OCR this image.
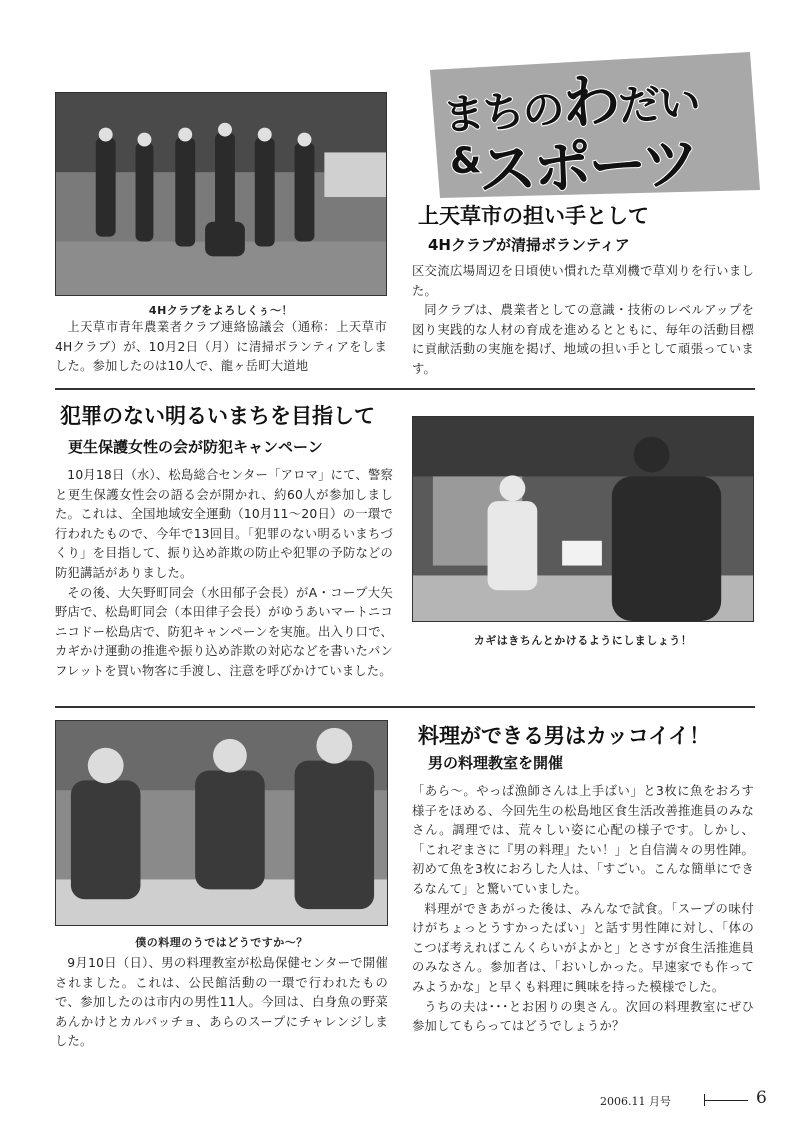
まちのわだい
&スポーツ
4Hクラブをよろしくぅ～！
上天草市の担い手として
4Hクラブが清掃ボランティア

上天草市青年農業者クラブ連絡協議会（通称：上天草市4Hクラブ）が、10月2日（月）に清掃ボランティアをしました。参加したのは10人で、龍ヶ岳町大道地

区交流広場周辺を日頃使い慣れた草刈機で草刈りを行いました。

同クラブは、農業者としての意識・技術のレベルアップを図り実践的な人材の育成を進めるとともに、毎年の活動目標に貢献活動の実施を掲げ、地域の担い手として頑張っています。

犯罪のない明るいまちを目指して
更生保護女性の会が防犯キャンペーン

10月18日（水）、松島総合センター「アロマ」にて、警察と更生保護女性会の語る会が開かれ、約60人が参加しました。これは、全国地域安全運動（10月11～20日）の一環で行われたもので、今年で13回目。「犯罪のない明るいまちづくり」を目指して、振り込め詐欺の防止や犯罪の予防などの防犯講話がありました。

その後、大矢野町同会（水田郁子会長）がA・コープ大矢野店で、松島町同会（本田律子会長）がゆうあいマートニコニコドー松島店で、防犯キャンペーンを実施。出入り口で、カギかけ運動の推進や振り込め詐欺の対応などを書いたパンフレットを買い物客に手渡し、注意を呼びかけていました。

カギはきちんとかけるようにしましょう！
僕の料理のうではどうですか～？
料理ができる男はカッコイイ！
男の料理教室を開催

9月10日（日）、男の料理教室が松島保健センターで開催されました。これは、公民館活動の一環で行われたもので、参加したのは市内の男性11人。今回は、白身魚の野菜あんかけとカルパッチョ、あらのスープにチャレンジしました。

「あら～。やっぱ漁師さんは上手ばい」と3枚に魚をおろす様子をほめる、今回先生の松島地区食生活改善推進員のみなさん。調理では、荒々しい姿に心配の様子です。しかし、「これぞまさに『男の料理』たい！」と自信満々の男性陣。初めて魚を3枚におろした人は、「すごい。こんな簡単にできるなんて」と驚いていました。

料理ができあがった後は、みんなで試食。「スープの味付けがちょっとうすかったばい」と話す男性陣に対し、「体のこつば考えればこんくらいがよかと」とさすが食生活推進員のみなさん。参加者は、「おいしかった。早速家でも作ってみようかな」と早くも料理に興味を持った模様でした。

うちの夫は･･･とお困りの奥さん。次回の料理教室にぜひ参加してもらってはどうでしょうか？

2006.11 月号	6
